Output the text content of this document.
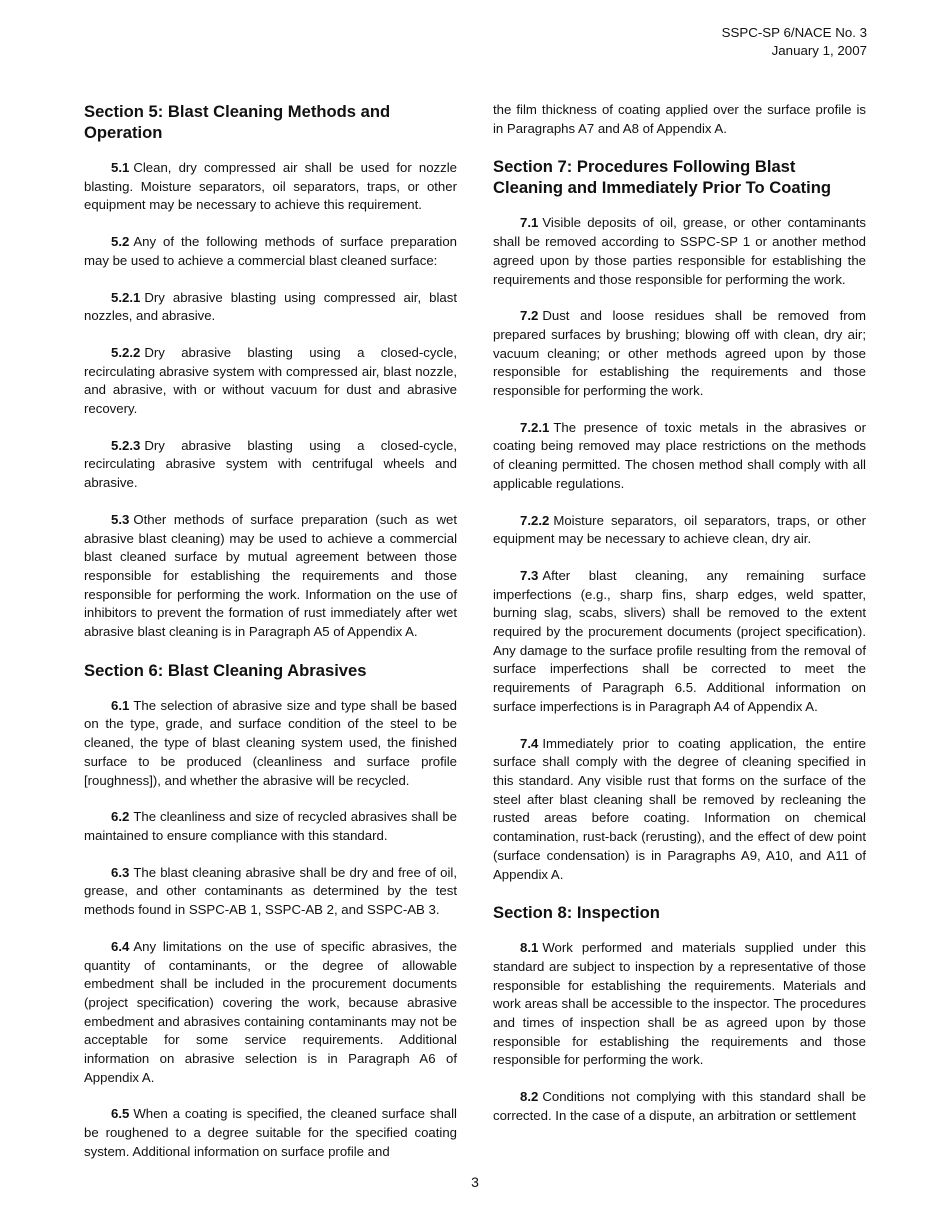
SSPC-SP 6/NACE No. 3
January 1, 2007
Section 5: Blast Cleaning Methods and Operation

5.1 Clean, dry compressed air shall be used for nozzle blasting. Moisture separators, oil separators, traps, or other equipment may be necessary to achieve this requirement.

5.2 Any of the following methods of surface preparation may be used to achieve a commercial blast cleaned surface:

5.2.1 Dry abrasive blasting using compressed air, blast nozzles, and abrasive.

5.2.2 Dry abrasive blasting using a closed-cycle, recirculating abrasive system with compressed air, blast nozzle, and abrasive, with or without vacuum for dust and abrasive recovery.

5.2.3 Dry abrasive blasting using a closed-cycle, recirculating abrasive system with centrifugal wheels and abrasive.

5.3 Other methods of surface preparation (such as wet abrasive blast cleaning) may be used to achieve a commercial blast cleaned surface by mutual agreement between those responsible for establishing the requirements and those responsible for performing the work. Information on the use of inhibitors to prevent the formation of rust immediately after wet abrasive blast cleaning is in Paragraph A5 of Appendix A.

Section 6: Blast Cleaning Abrasives

6.1 The selection of abrasive size and type shall be based on the type, grade, and surface condition of the steel to be cleaned, the type of blast cleaning system used, the finished surface to be produced (cleanliness and surface profile [roughness]), and whether the abrasive will be recycled.

6.2 The cleanliness and size of recycled abrasives shall be maintained to ensure compliance with this standard.

6.3 The blast cleaning abrasive shall be dry and free of oil, grease, and other contaminants as determined by the test methods found in SSPC-AB 1, SSPC-AB 2, and SSPC-AB 3.

6.4 Any limitations on the use of specific abrasives, the quantity of contaminants, or the degree of allowable embedment shall be included in the procurement documents (project specification) covering the work, because abrasive embedment and abrasives containing contaminants may not be acceptable for some service requirements. Additional information on abrasive selection is in Paragraph A6 of Appendix A.

6.5 When a coating is specified, the cleaned surface shall be roughened to a degree suitable for the specified coating system. Additional information on surface profile and

the film thickness of coating applied over the surface profile is in Paragraphs A7 and A8 of Appendix A.

Section 7: Procedures Following Blast Cleaning and Immediately Prior To Coating

7.1 Visible deposits of oil, grease, or other contaminants shall be removed according to SSPC-SP 1 or another method agreed upon by those parties responsible for establishing the requirements and those responsible for performing the work.

7.2 Dust and loose residues shall be removed from prepared surfaces by brushing; blowing off with clean, dry air; vacuum cleaning; or other methods agreed upon by those responsible for establishing the requirements and those responsible for performing the work.

7.2.1 The presence of toxic metals in the abrasives or coating being removed may place restrictions on the methods of cleaning permitted. The chosen method shall comply with all applicable regulations.

7.2.2 Moisture separators, oil separators, traps, or other equipment may be necessary to achieve clean, dry air.

7.3 After blast cleaning, any remaining surface imperfections (e.g., sharp fins, sharp edges, weld spatter, burning slag, scabs, slivers) shall be removed to the extent required by the procurement documents (project specification). Any damage to the surface profile resulting from the removal of surface imperfections shall be corrected to meet the requirements of Paragraph 6.5. Additional information on surface imperfections is in Paragraph A4 of Appendix A.

7.4 Immediately prior to coating application, the entire surface shall comply with the degree of cleaning specified in this standard. Any visible rust that forms on the surface of the steel after blast cleaning shall be removed by recleaning the rusted areas before coating. Information on chemical contamination, rust-back (rerusting), and the effect of dew point (surface condensation) is in Paragraphs A9, A10, and A11 of Appendix A.

Section 8: Inspection

8.1 Work performed and materials supplied under this standard are subject to inspection by a representative of those responsible for establishing the requirements. Materials and work areas shall be accessible to the inspector. The procedures and times of inspection shall be as agreed upon by those responsible for establishing the requirements and those responsible for performing the work.

8.2 Conditions not complying with this standard shall be corrected. In the case of a dispute, an arbitration or settlement

3
